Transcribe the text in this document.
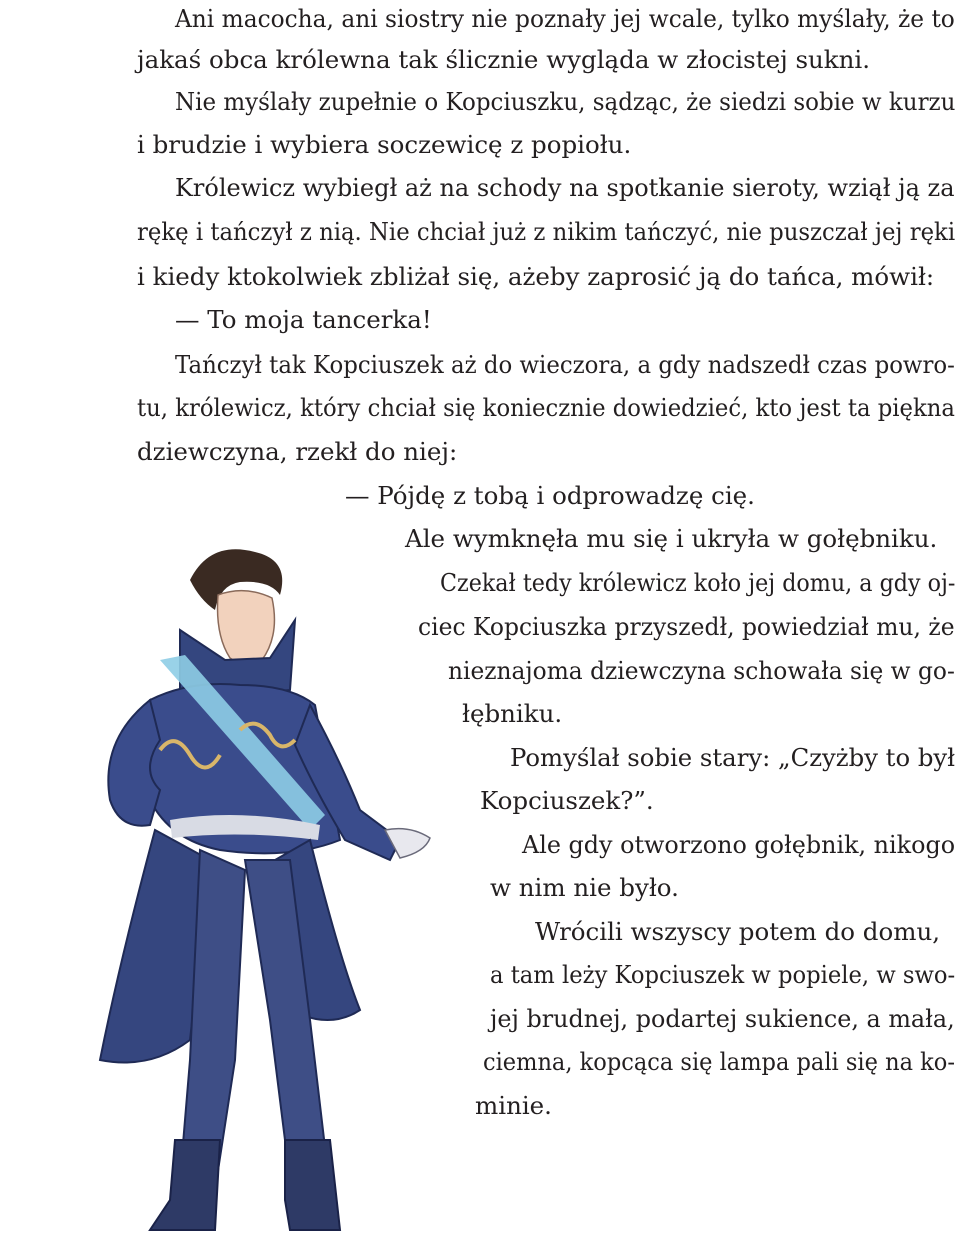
Ani macocha, ani siostry nie poznały jej wcale, tylko myślały, że to
jakaś obca królewna tak ślicznie wygląda w złocistej sukni.
Nie myślały zupełnie o Kopciuszku, sądząc, że siedzi sobie w kurzu
i brudzie i wybiera soczewicę z popiołu.
Królewicz wybiegł aż na schody na spotkanie sieroty, wziął ją za
rękę i tańczył z nią. Nie chciał już z nikim tańczyć, nie puszczał jej ręki
i kiedy ktokolwiek zbliżał się, ażeby zaprosić ją do tańca, mówił:
— To moja tancerka!
Tańczył tak Kopciuszek aż do wieczora, a gdy nadszedł czas powro-
tu, królewicz, który chciał się koniecznie dowiedzieć, kto jest ta piękna
dziewczyna, rzekł do niej:
— Pójdę z tobą i odprowadzę cię.
Ale wymknęła mu się i ukryła w gołębniku.
Czekał tedy królewicz koło jej domu, a gdy oj-
ciec Kopciuszka przyszedł, powiedział mu, że
nieznajoma dziewczyna schowała się w go-
łębniku.
Pomyślał sobie stary: „Czyżby to był
Kopciuszek?”.
Ale gdy otworzono gołębnik, nikogo
w nim nie było.
Wrócili wszyscy potem do domu,
a tam leży Kopciuszek w popiele, w swo-
jej brudnej, podartej sukience, a mała,
ciemna, kopcąca się lampa pali się na ko-
minie.
